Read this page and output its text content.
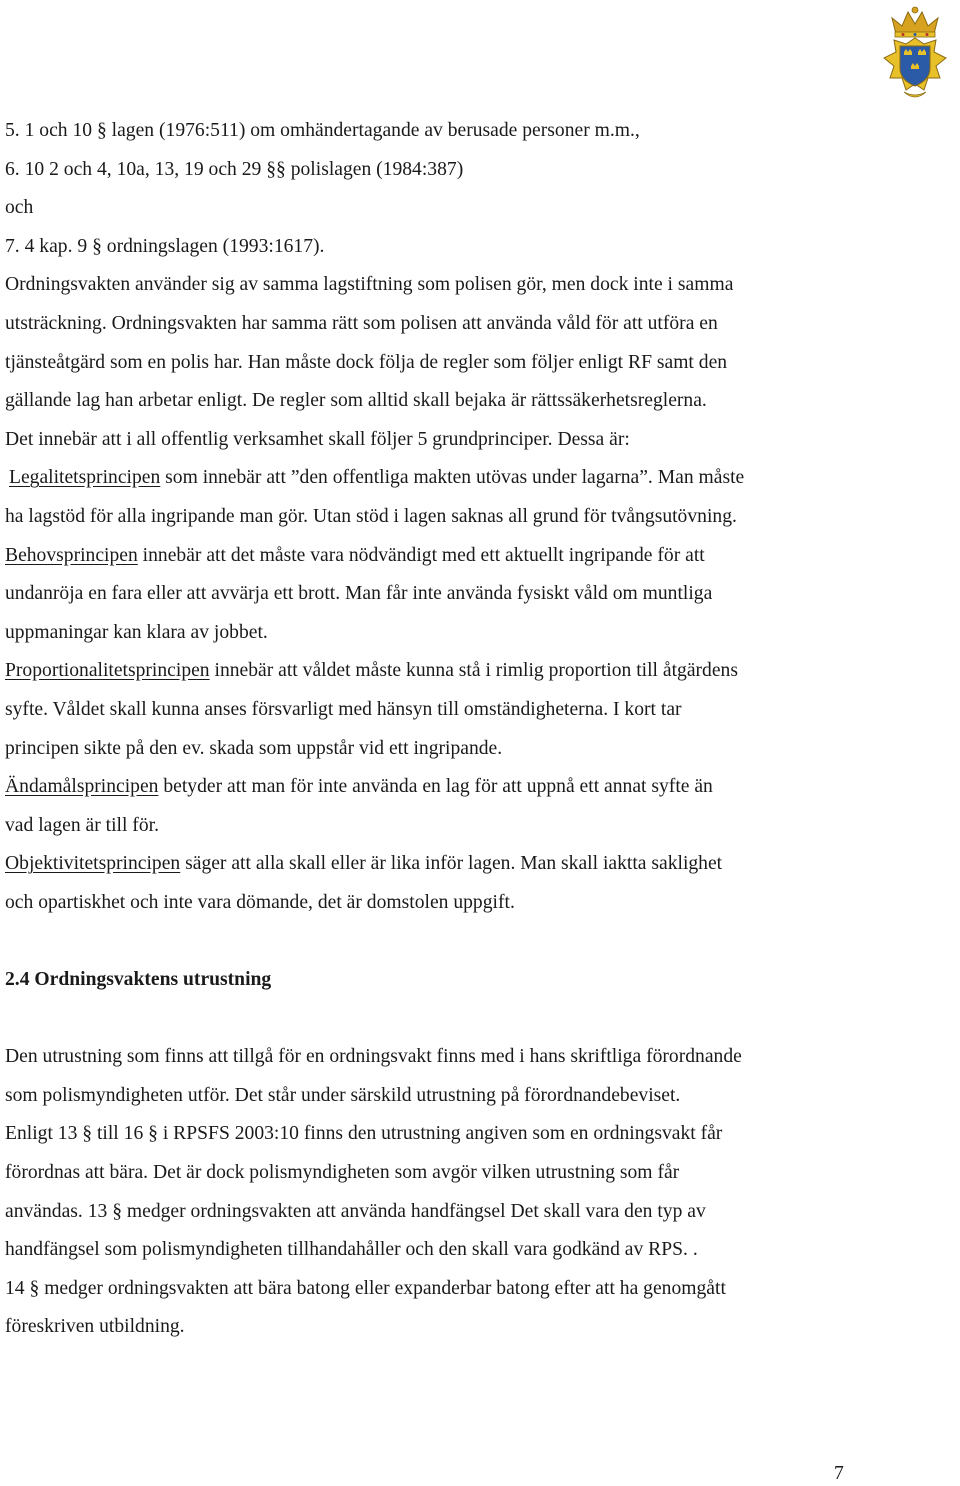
5. 1 och 10 § lagen (1976:511) om omhändertagande av berusade personer m.m.,
6. 10 2 och 4, 10a, 13, 19 och 29 §§ polislagen (1984:387)
och
7. 4 kap. 9 § ordningslagen (1993:1617).
Ordningsvakten använder sig av samma lagstiftning som polisen gör, men dock inte i samma
utsträckning. Ordningsvakten har samma rätt som polisen att använda våld för att utföra en
tjänsteåtgärd som en polis har. Han måste dock följa de regler som följer enligt RF samt den
gällande lag han arbetar enligt. De regler som alltid skall bejaka är rättssäkerhetsreglerna.
Det innebär att i all offentlig verksamhet skall följer 5 grundprinciper. Dessa är:
Legalitetsprincipen som innebär att ”den offentliga makten utövas under lagarna”. Man måste
ha lagstöd för alla ingripande man gör. Utan stöd i lagen saknas all grund för tvångsutövning.
Behovsprincipen innebär att det måste vara nödvändigt med ett aktuellt ingripande för att
undanröja en fara eller att avvärja ett brott. Man får inte använda fysiskt våld om muntliga
uppmaningar kan klara av jobbet.
Proportionalitetsprincipen innebär att våldet måste kunna stå i rimlig proportion till åtgärdens
syfte. Våldet skall kunna anses försvarligt med hänsyn till omständigheterna. I kort tar
principen sikte på den ev. skada som uppstår vid ett ingripande.
Ändamålsprincipen betyder att man för inte använda en lag för att uppnå ett annat syfte än
vad lagen är till för.
Objektivitetsprincipen säger att alla skall eller är lika inför lagen. Man skall iaktta saklighet
och opartiskhet och inte vara dömande, det är domstolen uppgift.
2.4 Ordningsvaktens utrustning
Den utrustning som finns att tillgå för en ordningsvakt finns med i hans skriftliga förordnande
som polismyndigheten utför. Det står under särskild utrustning på förordnandebeviset.
Enligt 13 § till 16 § i RPSFS 2003:10 finns den utrustning angiven som en ordningsvakt får
förordnas att bära. Det är dock polismyndigheten som avgör vilken utrustning som får
användas. 13 § medger ordningsvakten att använda handfängsel Det skall vara den typ av
handfängsel som polismyndigheten tillhandahåller och den skall vara godkänd av RPS. .
14 § medger ordningsvakten att bära batong eller expanderbar batong efter att ha genomgått
föreskriven utbildning.
7
